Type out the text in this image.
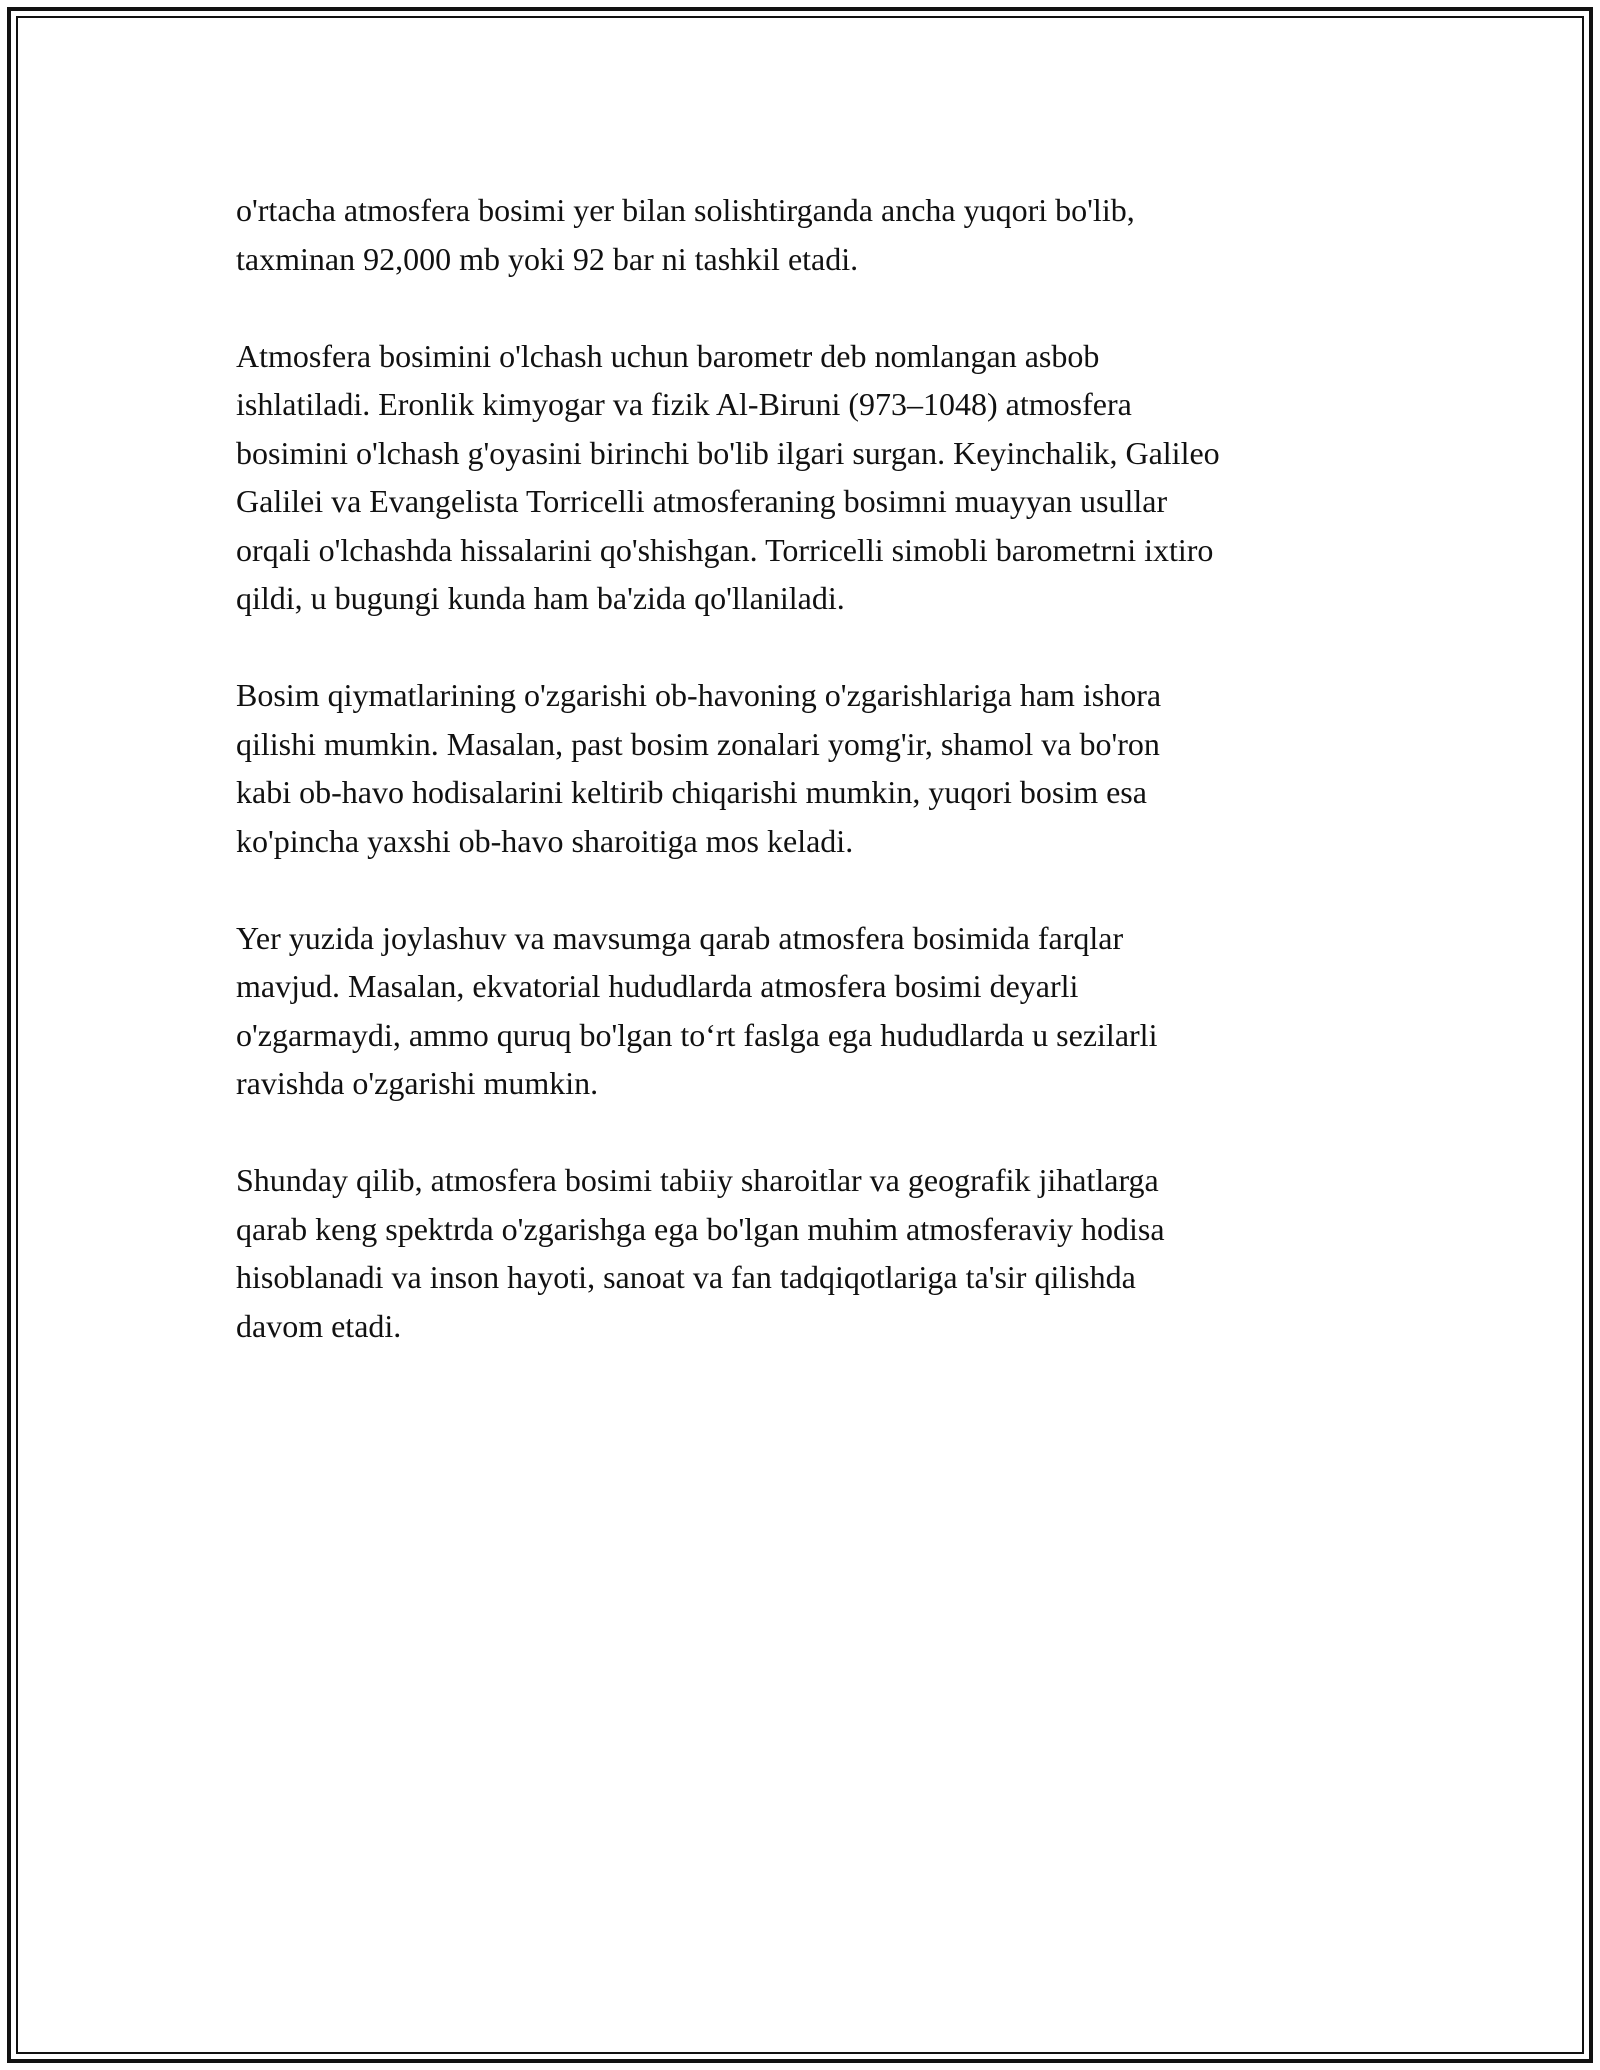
o'rtacha atmosfera bosimi yer bilan solishtirganda ancha yuqori bo'lib,
taxminan 92,000 mb yoki 92 bar ni tashkil etadi.
Atmosfera bosimini o'lchash uchun barometr deb nomlangan asbob
ishlatiladi. Eronlik kimyogar va fizik Al-Biruni (973–1048) atmosfera
bosimini o'lchash g'oyasini birinchi bo'lib ilgari surgan. Keyinchalik, Galileo
Galilei va Evangelista Torricelli atmosferaning bosimni muayyan usullar
orqali o'lchashda hissalarini qo'shishgan. Torricelli simobli barometrni ixtiro
qildi, u bugungi kunda ham ba'zida qo'llaniladi.
Bosim qiymatlarining o'zgarishi ob-havoning o'zgarishlariga ham ishora
qilishi mumkin. Masalan, past bosim zonalari yomg'ir, shamol va bo'ron
kabi ob-havo hodisalarini keltirib chiqarishi mumkin, yuqori bosim esa
ko'pincha yaxshi ob-havo sharoitiga mos keladi.
Yer yuzida joylashuv va mavsumga qarab atmosfera bosimida farqlar
mavjud. Masalan, ekvatorial hududlarda atmosfera bosimi deyarli
o'zgarmaydi, ammo quruq bo'lgan to‘rt faslga ega hududlarda u sezilarli
ravishda o'zgarishi mumkin.
Shunday qilib, atmosfera bosimi tabiiy sharoitlar va geografik jihatlarga
qarab keng spektrda o'zgarishga ega bo'lgan muhim atmosferaviy hodisa
hisoblanadi va inson hayoti, sanoat va fan tadqiqotlariga ta'sir qilishda
davom etadi.
